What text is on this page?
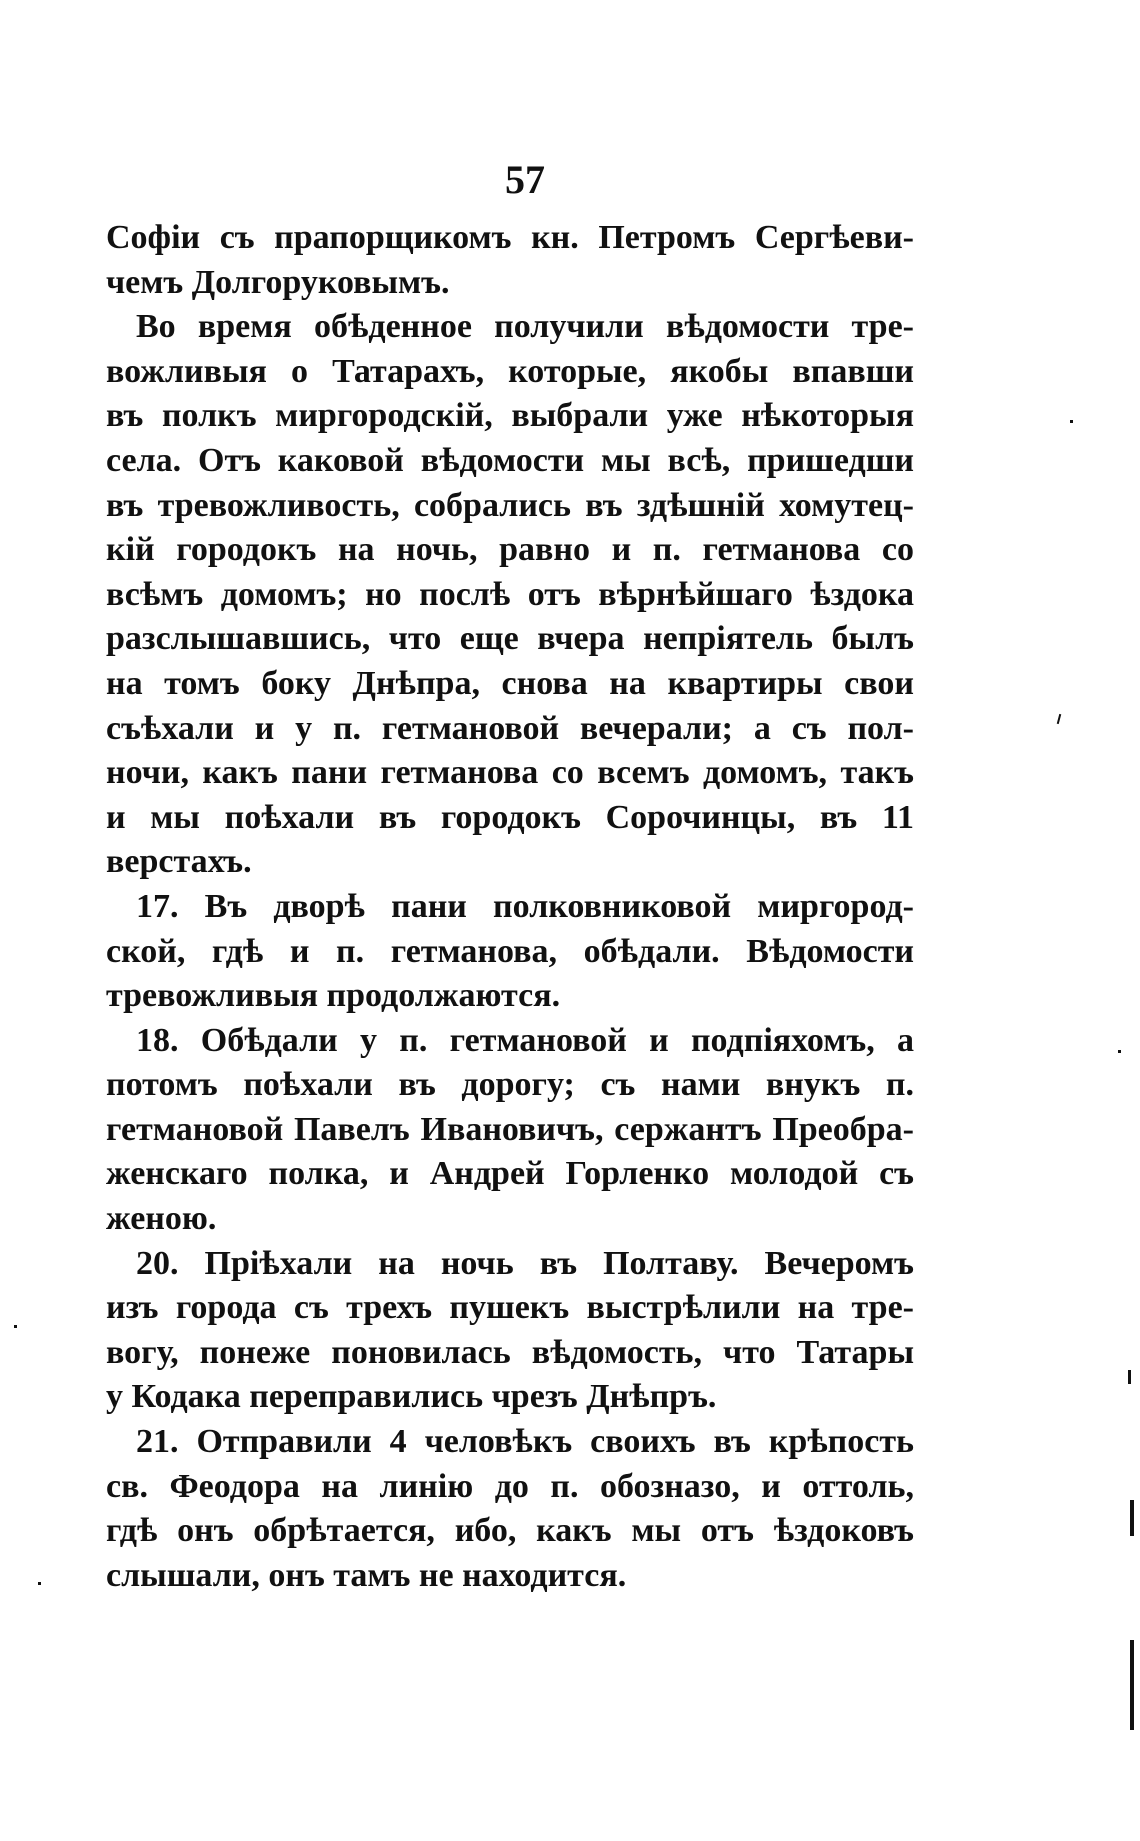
57
Софіи съ прапорщикомъ кн. Петромъ Сергѣеви-
чемъ Долгоруковымъ.
Во время обѣденное получили вѣдомости тре-
вожливыя о Татарахъ, которые, якобы впавши
въ полкъ миргородскій, выбрали уже нѣкоторыя
села. Отъ каковой вѣдомости мы всѣ, пришедши
въ тревожливость, собрались въ здѣшній хомутец-
кій городокъ на ночь, равно и п. гетманова со
всѣмъ домомъ; но послѣ отъ вѣрнѣйшаго ѣздока
разслышавшись, что еще вчера непріятель былъ
на томъ боку Днѣпра, снова на квартиры свои
съѣхали и у п. гетмановой вечерали; а съ пол-
ночи, какъ пани гетманова со всемъ домомъ, такъ
и мы поѣхали въ городокъ Сорочинцы, въ 11
верстахъ.
17. Въ дворѣ пани полковниковой миргород-
ской, гдѣ и п. гетманова, обѣдали. Вѣдомости
тревожливыя продолжаются.
18. Обѣдали у п. гетмановой и подпіяхомъ, а
потомъ поѣхали въ дорогу; съ нами внукъ п.
гетмановой Павелъ Ивановичъ, сержантъ Преобра-
женскаго полка, и Андрей Горленко молодой съ
женою.
20. Пріѣхали на ночь въ Полтаву. Вечеромъ
изъ города съ трехъ пушекъ выстрѣлили на тре-
вогу, понеже поновилась вѣдомость, что Татары
у Кодака переправились чрезъ Днѣпръ.
21. Отправили 4 человѣкъ своихъ въ крѣпость
св. Феодора на линію до п. обозназо, и оттоль,
гдѣ онъ обрѣтается, ибо, какъ мы отъ ѣздоковъ
слышали, онъ тамъ не находится.
